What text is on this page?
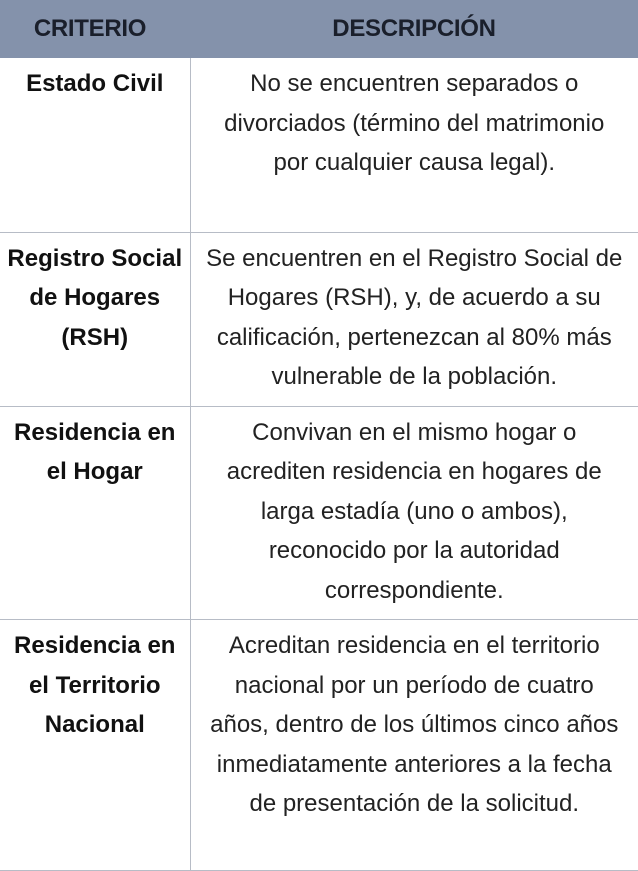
CRITERIO	DESCRIPCIÓN
Estado Civil	No se encuentren separados o divorciados (término del matrimonio por cualquier causa legal).
Registro Social de Hogares (RSH)	Se encuentren en el Registro Social de Hogares (RSH), y, de acuerdo a su calificación, pertenezcan al 80% más vulnerable de la población.
Residencia en el Hogar	Convivan en el mismo hogar o acrediten residencia en hogares de larga estadía (uno o ambos), reconocido por la autoridad correspondiente.
Residencia en el Territorio Nacional	Acreditan residencia en el territorio nacional por un período de cuatro años, dentro de los últimos cinco años inmediatamente anteriores a la fecha de presentación de la solicitud.
